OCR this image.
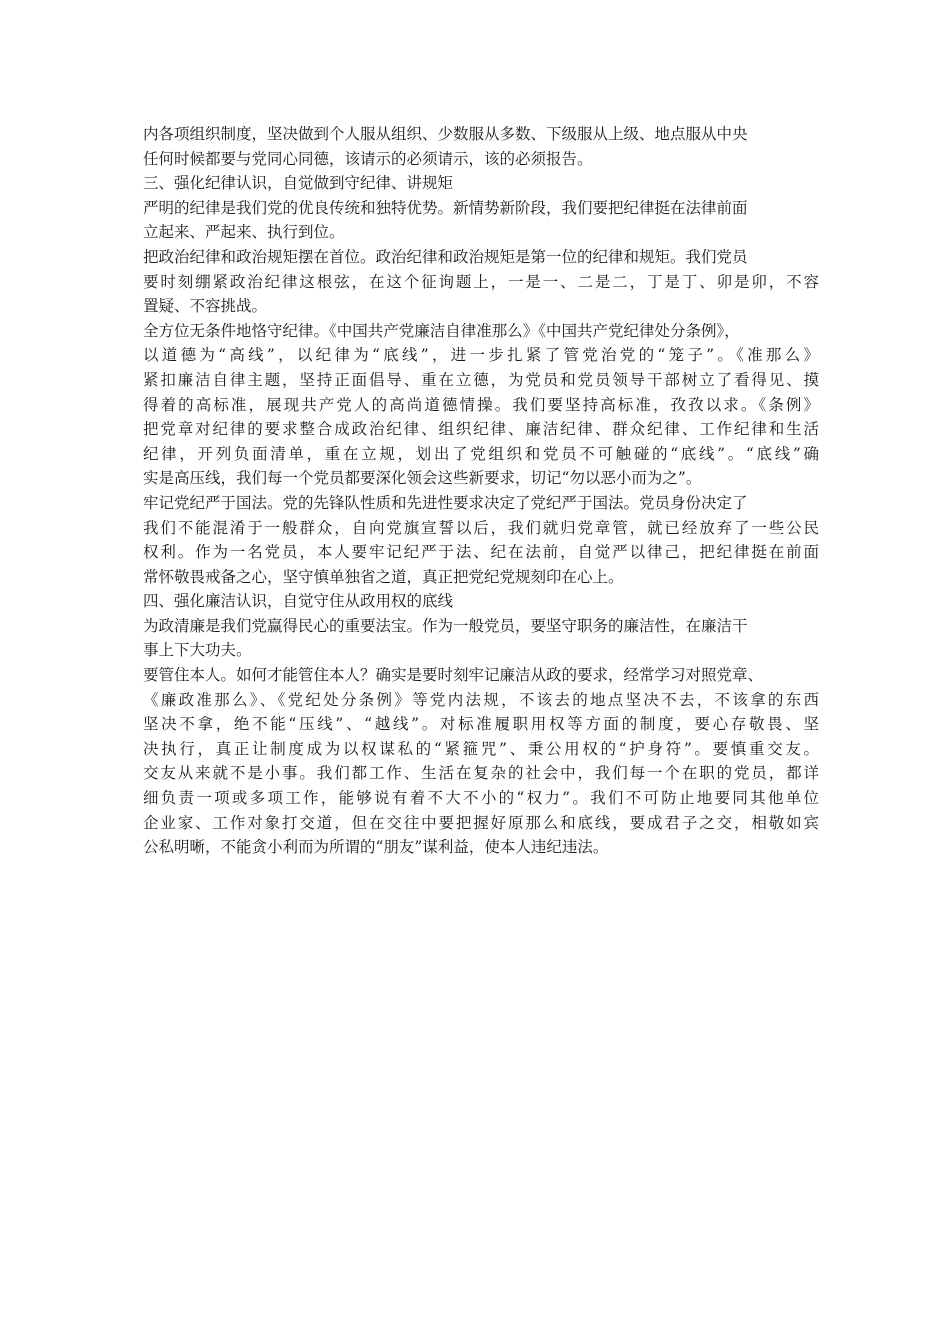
内各项组织制度，坚决做到个人服从组织、少数服从多数、下级服从上级、地点服从中央
任何时候都要与党同心同德，该请示的必须请示，该的必须报告。
三、强化纪律认识，自觉做到守纪律、讲规矩
严明的纪律是我们党的优良传统和独特优势。新情势新阶段，我们要把纪律挺在法律前面
立起来、严起来、执行到位。
把政治纪律和政治规矩摆在首位。政治纪律和政治规矩是第一位的纪律和规矩。我们党员
要时刻绷紧政治纪律这根弦，在这个征询题上，一是一、二是二，丁是丁、卯是卯，不容
置疑、不容挑战。
全方位无条件地恪守纪律。《中国共产党廉洁自律准那么》《中国共产党纪律处分条例》，
以道德为“高线”，以纪律为“底线”，进一步扎紧了管党治党的“笼子”。《准那么》
紧扣廉洁自律主题，坚持正面倡导、重在立德，为党员和党员领导干部树立了看得见、摸
得着的高标准，展现共产党人的高尚道德情操。我们要坚持高标准，孜孜以求。《条例》
把党章对纪律的要求整合成政治纪律、组织纪律、廉洁纪律、群众纪律、工作纪律和生活
纪律，开列负面清单，重在立规，划出了党组织和党员不可触碰的“底线”。“底线”确
实是高压线，我们每一个党员都要深化领会这些新要求，切记“勿以恶小而为之”。
牢记党纪严于国法。党的先锋队性质和先进性要求决定了党纪严于国法。党员身份决定了
我们不能混淆于一般群众，自向党旗宣誓以后，我们就归党章管，就已经放弃了一些公民
权利。作为一名党员，本人要牢记纪严于法、纪在法前，自觉严以律己，把纪律挺在前面
常怀敬畏戒备之心，坚守慎单独省之道，真正把党纪党规刻印在心上。
四、强化廉洁认识，自觉守住从政用权的底线
为政清廉是我们党赢得民心的重要法宝。作为一般党员，要坚守职务的廉洁性，在廉洁干
事上下大功夫。
要管住本人。如何才能管住本人？确实是要时刻牢记廉洁从政的要求，经常学习对照党章、
《廉政准那么》、《党纪处分条例》等党内法规，不该去的地点坚决不去，不该拿的东西
坚决不拿，绝不能“压线”、“越线”。对标准履职用权等方面的制度，要心存敬畏、坚
决执行，真正让制度成为以权谋私的“紧箍咒”、秉公用权的“护身符”。要慎重交友。
交友从来就不是小事。我们都工作、生活在复杂的社会中，我们每一个在职的党员，都详
细负责一项或多项工作，能够说有着不大不小的“权力”。我们不可防止地要同其他单位
企业家、工作对象打交道，但在交往中要把握好原那么和底线，要成君子之交，相敬如宾
公私明晰，不能贪小利而为所谓的“朋友”谋利益，使本人违纪违法。
